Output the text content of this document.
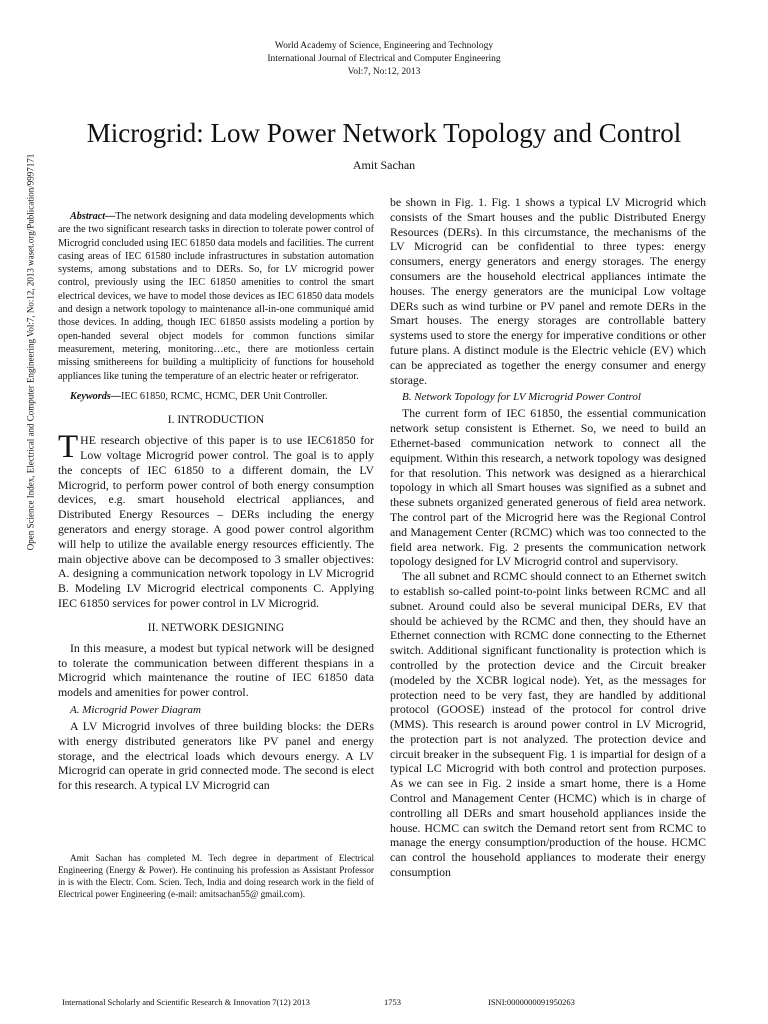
World Academy of Science, Engineering and Technology
International Journal of Electrical and Computer Engineering
Vol:7, No:12, 2013
Microgrid: Low Power Network Topology and Control
Amit Sachan
Open Science Index, Electrical and Computer Engineering Vol:7, No:12, 2013 waset.org/Publication/9997171	Abstract—The network designing and data modeling developments which are the two significant research tasks in direction to tolerate power control of Microgrid concluded using IEC 61850 data models and facilities. The current casing areas of IEC 61580 include infrastructures in substation automation systems, among substations and to DERs. So, for LV microgrid power control, previously using the IEC 61850 amenities to control the smart electrical devices, we have to model those devices as IEC 61850 data models and design a network topology to maintenance all-in-one communiqué amid those devices. In adding, though IEC 61850 assists modeling a portion by open-handed several object models for common functions similar measurement, metering, monitoring…etc., there are motionless certain missing smithereens for building a multiplicity of functions for household appliances like tuning the temperature of an electric heater or refrigerator.

Keywords—IEC 61850, RCMC, HCMC, DER Unit Controller.

I. INTRODUCTION

THE research objective of this paper is to use IEC61850 for Low voltage Microgrid power control. The goal is to apply the concepts of IEC 61850 to a different domain, the LV Microgrid, to perform power control of both energy consumption devices, e.g. smart household electrical appliances, and Distributed Energy Resources – DERs including the energy generators and energy storage. A good power control algorithm will help to utilize the available energy resources efficiently. The main objective above can be decomposed to 3 smaller objectives: A. designing a communication network topology in LV Microgrid B. Modeling LV Microgrid electrical components C. Applying IEC 61850 services for power control in LV Microgrid.

II. NETWORK DESIGNING

In this measure, a modest but typical network will be designed to tolerate the communication between different thespians in a Microgrid which maintenance the routine of IEC 61850 data models and amenities for power control.

A. Microgrid Power Diagram

A LV Microgrid involves of three building blocks: the DERs with energy distributed generators like PV panel and energy storage, and the electrical loads which devours energy. A LV Microgrid can operate in grid connected mode. The second is elect for this research. A typical LV Microgrid can

Amit Sachan has completed M. Tech degree in department of Electrical Engineering (Energy & Power). He continuing his profession as Assistant Professor in is with the Electr. Com. Scien. Tech, India and doing research work in the field of Electrical power Engineering (e-mail: amitsachan55@ gmail.com).

be shown in Fig. 1. Fig. 1 shows a typical LV Microgrid which consists of the Smart houses and the public Distributed Energy Resources (DERs). In this circumstance, the mechanisms of the LV Microgrid can be confidential to three types: energy consumers, energy generators and energy storages. The energy consumers are the household electrical appliances intimate the houses. The energy generators are the municipal Low voltage DERs such as wind turbine or PV panel and remote DERs in the Smart houses. The energy storages are controllable battery systems used to store the energy for imperative conditions or other future plans. A distinct module is the Electric vehicle (EV) which can be appreciated as together the energy consumer and energy storage.

B. Network Topology for LV Microgrid Power Control

The current form of IEC 61850, the essential communication network setup consistent is Ethernet. So, we need to build an Ethernet-based communication network to connect all the equipment. Within this research, a network topology was designed for that resolution. This network was designed as a hierarchical topology in which all Smart houses was signified as a subnet and these subnets organized generated generous of field area network. The control part of the Microgrid here was the Regional Control and Management Center (RCMC) which was too connected to the field area network. Fig. 2 presents the communication network topology designed for LV Microgrid control and supervisory.

The all subnet and RCMC should connect to an Ethernet switch to establish so-called point-to-point links between RCMC and all subnet. Around could also be several municipal DERs, EV that should be achieved by the RCMC and then, they should have an Ethernet connection with RCMC done connecting to the Ethernet switch. Additional significant functionality is protection which is controlled by the protection device and the Circuit breaker (modeled by the XCBR logical node). Yet, as the messages for protection need to be very fast, they are handled by additional protocol (GOOSE) instead of the protocol for control drive (MMS). This research is around power control in LV Microgrid, the protection part is not analyzed. The protection device and circuit breaker in the subsequent Fig. 1 is impartial for design of a typical LC Microgrid with both control and protection purposes. As we can see in Fig. 2 inside a smart home, there is a Home Control and Management Center (HCMC) which is in charge of controlling all DERs and smart household appliances inside the house. HCMC can switch the Demand retort sent from RCMC to manage the energy consumption/production of the house. HCMC can control the household appliances to moderate their energy consumption

International Scholarly and Scientific Research & Innovation 7(12) 2013	1753	ISNI:0000000091950263
